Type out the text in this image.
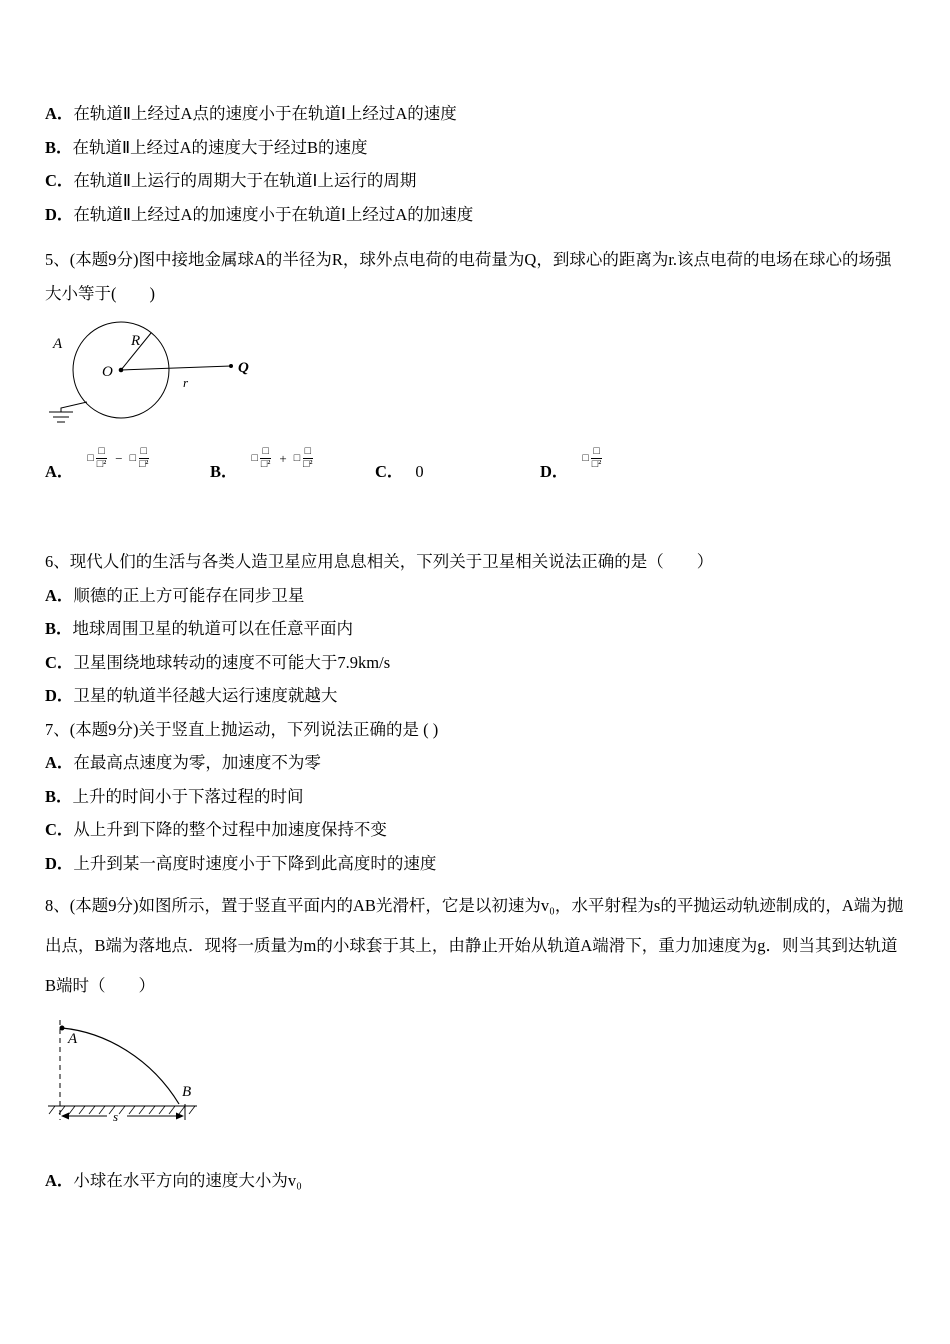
A．在轨道Ⅱ上经过A点的速度小于在轨道Ⅰ上经过A的速度
B．在轨道Ⅱ上经过A的速度大于经过B的速度
C．在轨道Ⅱ上运行的周期大于在轨道Ⅰ上运行的周期
D．在轨道Ⅱ上经过A的加速度小于在轨道Ⅰ上经过A的加速度

5、(本题9分)图中接地金属球A的半径为R，球外点电荷的电荷量为Q，到球心的距离为r.该点电荷的电场在球心的场强大小等于(　　)

A	R
O	Q
r
A．
□ $\frac{□}{\text{□²}}$ − □ $\frac{□}{\text{□²}}$
B．
□ $\frac{□}{\text{□²}}$ + □ $\frac{□}{\text{□²}}$
C． 0	D．
□ $\frac{□}{\text{□²}}$

6、现代人们的生活与各类人造卫星应用息息相关，下列关于卫星相关说法正确的是（　　）

A．顺德的正上方可能存在同步卫星
B．地球周围卫星的轨道可以在任意平面内
C．卫星围绕地球转动的速度不可能大于7.9km/s
D．卫星的轨道半径越大运行速度就越大

7、(本题9分)关于竖直上抛运动，下列说法正确的是 ( )

A．在最高点速度为零，加速度不为零
B．上升的时间小于下落过程的时间
C．从上升到下降的整个过程中加速度保持不变
D．上升到某一高度时速度小于下降到此高度时的速度

8、(本题9分)如图所示，置于竖直平面内的AB光滑杆，它是以初速为v₀，水平射程为s的平抛运动轨迹制成的，A端为抛出点，B端为落地点．现将一质量为m的小球套于其上，由静止开始从轨道A端滑下，重力加速度为g．则当其到达轨道B端时（　　）

A
B
s
A．小球在水平方向的速度大小为v₀
